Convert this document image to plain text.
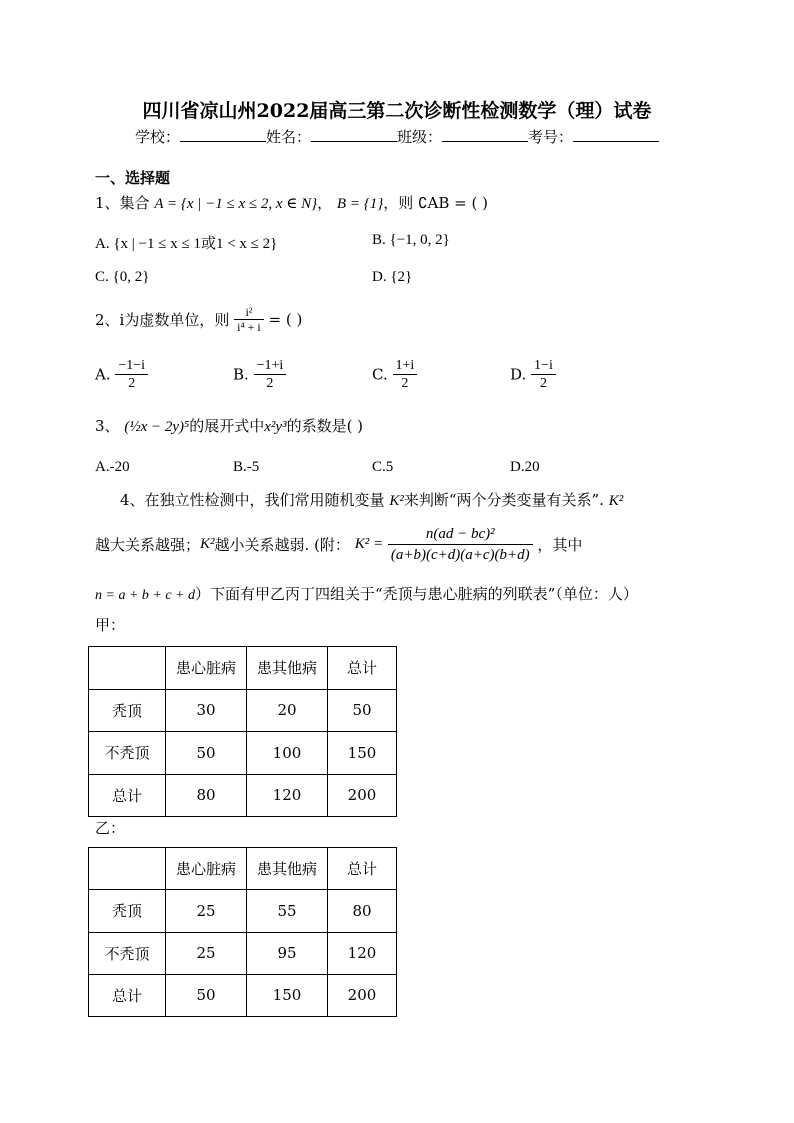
四川省凉山州2022届高三第二次诊断性检测数学（理）试卷
学校：	姓名：	班级：	考号：
一、选择题
1、集合 A = {x | −1 ≤ x ≤ 2, x ∈ N}， B = {1}，则 ∁AB = ( )
A. {x | −1 ≤ x ≤ 1或1 < x ≤ 2}	B. {−1, 0, 2}
C. {0, 2}	D. {2}
2、i为虚数单位，则 $\frac{\text{i²}}{\text{i⁴ + i}}$ = ( )
A. $\frac{-1-i}{2}$	B. $\frac{-1+i}{2}$	C. $\frac{1+i}{2}$	D. $\frac{1-i}{2}$
3、 (½x − 2y)⁵的展开式中x²y³的系数是( )
A.-20	B.-5	C.5	D.20
4、在独立性检测中，我们常用随机变量 K²来判断“两个分类变量有关系”. K²
越大关系越强；K²越小关系越弱. (附： $K^2 = \frac{\text{n(ad − bc)²}}{(a+b)(c+d)(a+c)(b+d)}$ ，其中
n = a + b + c + d）下面有甲乙丙丁四组关于“秃顶与患心脏病的列联表”（单位：人）
甲：
	患心脏病	患其他病	总计
秃顶	30	20	50
不秃顶	50	100	150
总计	80	120	200
乙：
	患心脏病	患其他病	总计
秃顶	25	55	80
不秃顶	25	95	120
总计	50	150	200
